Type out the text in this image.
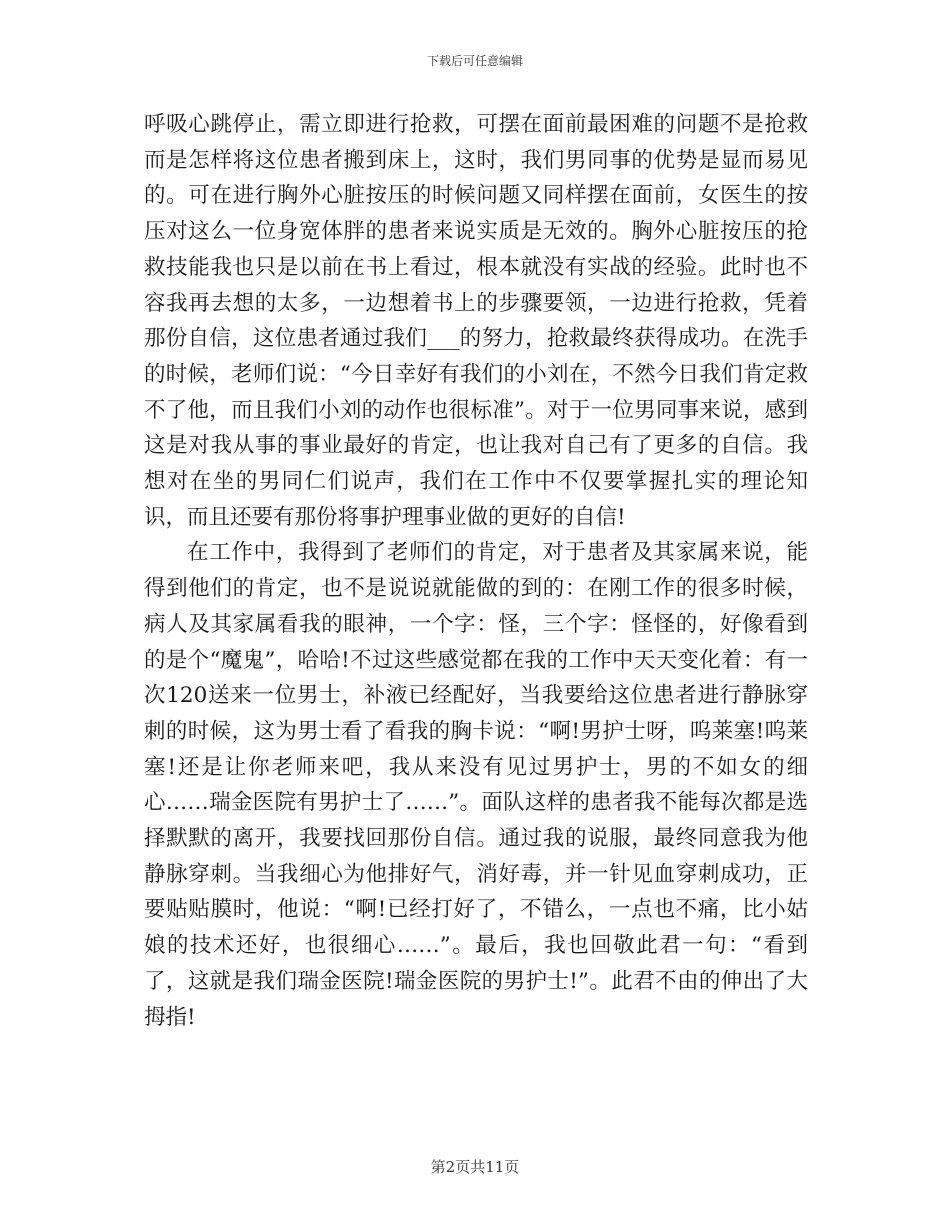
下载后可任意编辑

呼吸心跳停止，需立即进行抢救，可摆在面前最困难的问题不是抢救而是怎样将这位患者搬到床上，这时，我们男同事的优势是显而易见的。可在进行胸外心脏按压的时候问题又同样摆在面前，女医生的按压对这么一位身宽体胖的患者来说实质是无效的。胸外心脏按压的抢救技能我也只是以前在书上看过，根本就没有实战的经验。此时也不容我再去想的太多，一边想着书上的步骤要领，一边进行抢救，凭着那份自信，这位患者通过我们___的努力，抢救最终获得成功。在洗手的时候，老师们说：“今日幸好有我们的小刘在，不然今日我们肯定救不了他，而且我们小刘的动作也很标准”。对于一位男同事来说，感到这是对我从事的事业最好的肯定，也让我对自己有了更多的自信。我想对在坐的男同仁们说声，我们在工作中不仅要掌握扎实的理论知识，而且还要有那份将事护理事业做的更好的自信!

在工作中，我得到了老师们的肯定，对于患者及其家属来说，能得到他们的肯定，也不是说说就能做的到的：在刚工作的很多时候，病人及其家属看我的眼神，一个字：怪，三个字：怪怪的，好像看到的是个“魔鬼”，哈哈!不过这些感觉都在我的工作中天天变化着：有一次120送来一位男士，补液已经配好，当我要给这位患者进行静脉穿刺的时候，这为男士看了看我的胸卡说：“啊!男护士呀，呜莱塞!呜莱塞!还是让你老师来吧，我从来没有见过男护士，男的不如女的细心……瑞金医院有男护士了……”。面队这样的患者我不能每次都是选择默默的离开，我要找回那份自信。通过我的说服，最终同意我为他静脉穿刺。当我细心为他排好气，消好毒，并一针见血穿刺成功，正要贴贴膜时，他说：“啊!已经打好了，不错么，一点也不痛，比小姑娘的技术还好，也很细心……”。最后，我也回敬此君一句：“看到了，这就是我们瑞金医院!瑞金医院的男护士!”。此君不由的伸出了大拇指!

第2页共11页
